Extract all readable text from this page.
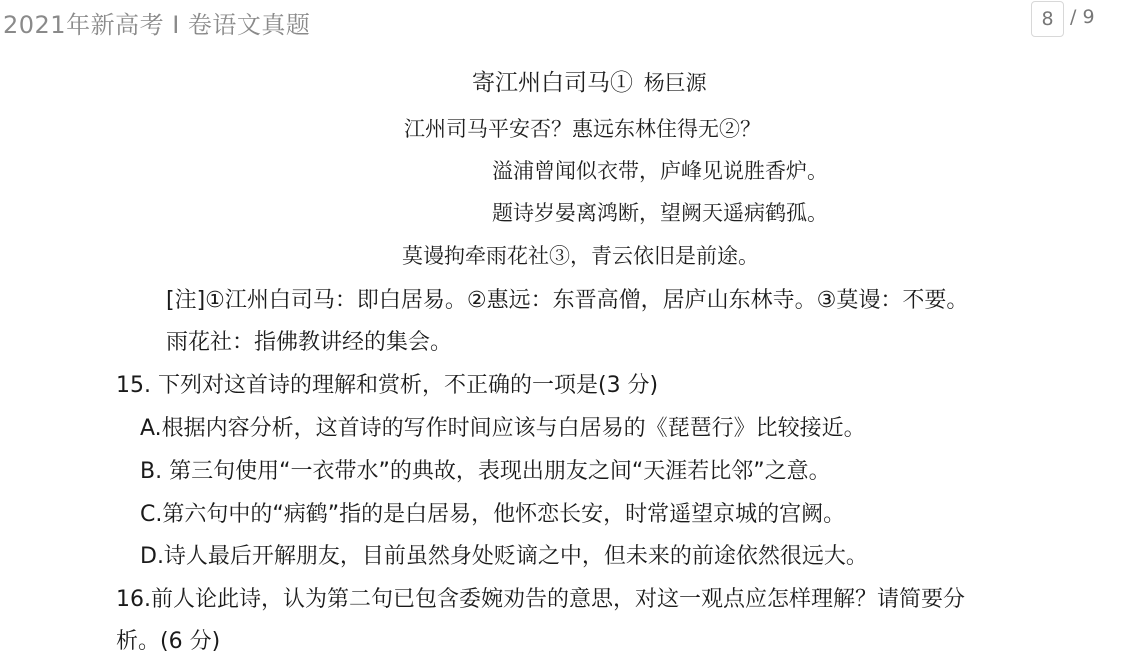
2021年新高考 I 卷语文真题	8 / 9
寄江州白司马① 杨巨源
江州司马平安否？惠远东林住得无②？
溢浦曾闻似衣带，庐峰见说胜香炉。
题诗岁晏离鸿断，望阙天遥病鹤孤。
莫谩拘牵雨花社③，青云依旧是前途。
[注]①江州白司马：即白居易。②惠远：东晋高僧，居庐山东林寺。③莫谩：不要。
雨花社：指佛教讲经的集会。
15. 下列对这首诗的理解和赏析，不正确的一项是(3 分)
A.根据内容分析，这首诗的写作时间应该与白居易的《琵琶行》比较接近。
B. 第三句使用“一衣带水”的典故，表现出朋友之间“天涯若比邻”之意。
C.第六句中的“病鹤”指的是白居易，他怀恋长安，时常遥望京城的宫阙。
D.诗人最后开解朋友，目前虽然身处贬谪之中，但未来的前途依然很远大。
16.前人论此诗，认为第二句已包含委婉劝告的意思，对这一观点应怎样理解？请简要分
析。(6 分)
